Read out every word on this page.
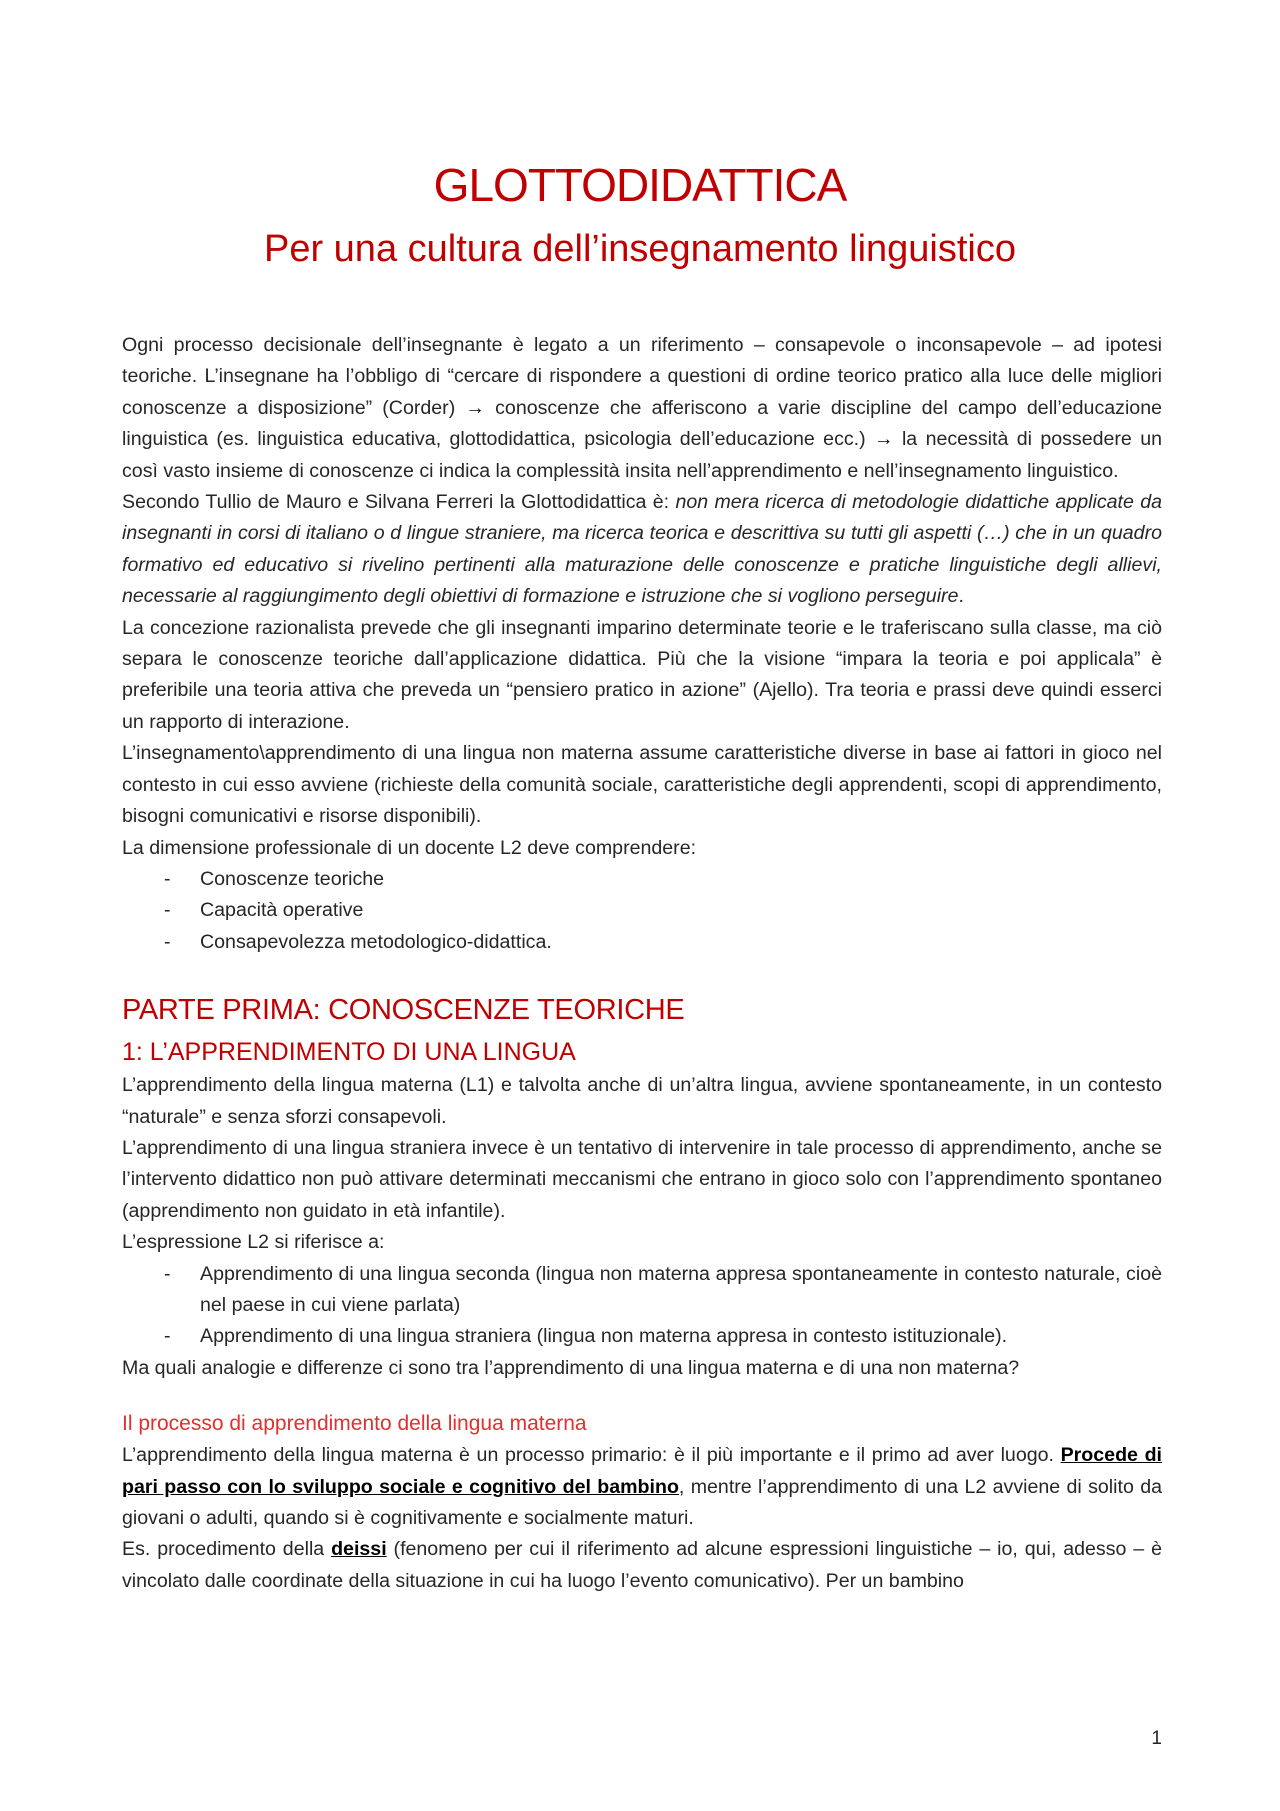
GLOTTODIDATTICA
Per una cultura dell’insegnamento linguistico

Ogni processo decisionale dell’insegnante è legato a un riferimento – consapevole o inconsapevole – ad ipotesi teoriche. L’insegnane ha l’obbligo di “cercare di rispondere a questioni di ordine teorico pratico alla luce delle migliori conoscenze a disposizione” (Corder) → conoscenze che afferiscono a varie discipline del campo dell’educazione linguistica (es. linguistica educativa, glottodidattica, psicologia dell’educazione ecc.) → la necessità di possedere un così vasto insieme di conoscenze ci indica la complessità insita nell’apprendimento e nell’insegnamento linguistico.

Secondo Tullio de Mauro e Silvana Ferreri la Glottodidattica è: non mera ricerca di metodologie didattiche applicate da insegnanti in corsi di italiano o d lingue straniere, ma ricerca teorica e descrittiva su tutti gli aspetti (…) che in un quadro formativo ed educativo si rivelino pertinenti alla maturazione delle conoscenze e pratiche linguistiche degli allievi, necessarie al raggiungimento degli obiettivi di formazione e istruzione che si vogliono perseguire.

La concezione razionalista prevede che gli insegnanti imparino determinate teorie e le traferiscano sulla classe, ma ciò separa le conoscenze teoriche dall’applicazione didattica. Più che la visione “impara la teoria e poi applicala” è preferibile una teoria attiva che preveda un “pensiero pratico in azione” (Ajello). Tra teoria e prassi deve quindi esserci un rapporto di interazione.

L’insegnamento\apprendimento di una lingua non materna assume caratteristiche diverse in base ai fattori in gioco nel contesto in cui esso avviene (richieste della comunità sociale, caratteristiche degli apprendenti, scopi di apprendimento, bisogni comunicativi e risorse disponibili).

La dimensione professionale di un docente L2 deve comprendere:

- Conoscenze teoriche
- Capacità operative
- Consapevolezza metodologico-didattica.
PARTE PRIMA: CONOSCENZE TEORICHE
1: L’APPRENDIMENTO DI UNA LINGUA

L’apprendimento della lingua materna (L1) e talvolta anche di un’altra lingua, avviene spontaneamente, in un contesto “naturale” e senza sforzi consapevoli.

L’apprendimento di una lingua straniera invece è un tentativo di intervenire in tale processo di apprendimento, anche se l’intervento didattico non può attivare determinati meccanismi che entrano in gioco solo con l’apprendimento spontaneo (apprendimento non guidato in età infantile).

L’espressione L2 si riferisce a:

- Apprendimento di una lingua seconda (lingua non materna appresa spontaneamente in contesto naturale, cioè nel paese in cui viene parlata)
- Apprendimento di una lingua straniera (lingua non materna appresa in contesto istituzionale).

Ma quali analogie e differenze ci sono tra l’apprendimento di una lingua materna e di una non materna?

Il processo di apprendimento della lingua materna

L’apprendimento della lingua materna è un processo primario: è il più importante e il primo ad aver luogo. Procede di pari passo con lo sviluppo sociale e cognitivo del bambino, mentre l’apprendimento di una L2 avviene di solito da giovani o adulti, quando si è cognitivamente e socialmente maturi.

Es. procedimento della deissi (fenomeno per cui il riferimento ad alcune espressioni linguistiche – io, qui, adesso – è vincolato dalle coordinate della situazione in cui ha luogo l’evento comunicativo). Per un bambino

1
